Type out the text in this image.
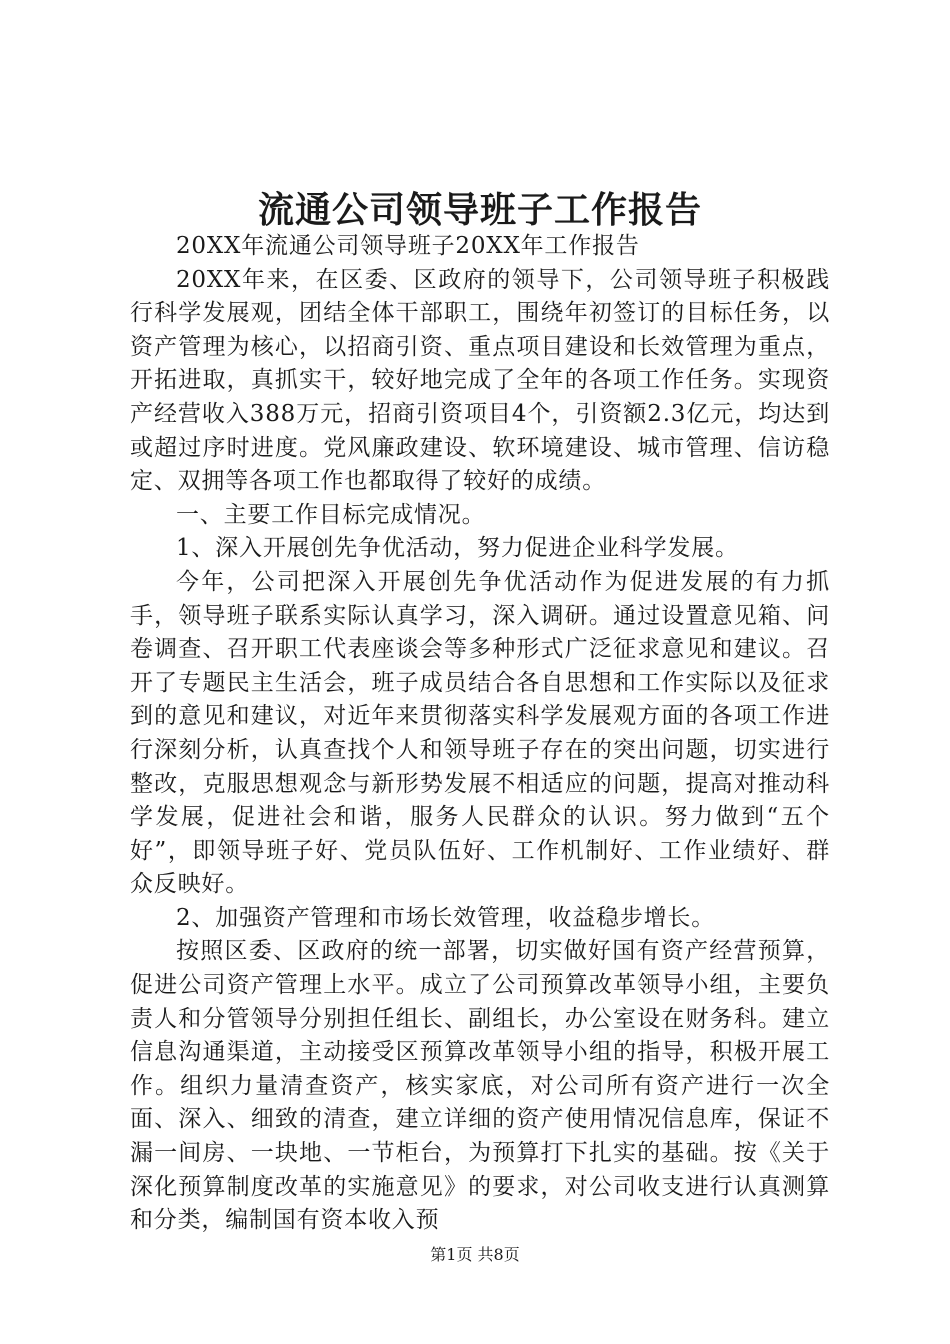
流通公司领导班子工作报告

20XX年流通公司领导班子20XX年工作报告

20XX年来，在区委、区政府的领导下，公司领导班子积极践行科学发展观，团结全体干部职工，围绕年初签订的目标任务，以资产管理为核心，以招商引资、重点项目建设和长效管理为重点，开拓进取，真抓实干，较好地完成了全年的各项工作任务。实现资产经营收入388万元，招商引资项目4个，引资额2.3亿元，均达到或超过序时进度。党风廉政建设、软环境建设、城市管理、信访稳定、双拥等各项工作也都取得了较好的成绩。

一、主要工作目标完成情况。

1、深入开展创先争优活动，努力促进企业科学发展。

今年，公司把深入开展创先争优活动作为促进发展的有力抓手，领导班子联系实际认真学习，深入调研。通过设置意见箱、问卷调查、召开职工代表座谈会等多种形式广泛征求意见和建议。召开了专题民主生活会，班子成员结合各自思想和工作实际以及征求到的意见和建议，对近年来贯彻落实科学发展观方面的各项工作进行深刻分析，认真查找个人和领导班子存在的突出问题，切实进行整改，克服思想观念与新形势发展不相适应的问题，提高对推动科学发展，促进社会和谐，服务人民群众的认识。努力做到“五个好”，即领导班子好、党员队伍好、工作机制好、工作业绩好、群众反映好。

2、加强资产管理和市场长效管理，收益稳步增长。

按照区委、区政府的统一部署，切实做好国有资产经营预算，促进公司资产管理上水平。成立了公司预算改革领导小组，主要负责人和分管领导分别担任组长、副组长，办公室设在财务科。建立信息沟通渠道，主动接受区预算改革领导小组的指导，积极开展工作。组织力量清查资产，核实家底，对公司所有资产进行一次全面、深入、细致的清查，建立详细的资产使用情况信息库，保证不漏一间房、一块地、一节柜台，为预算打下扎实的基础。按《关于深化预算制度改革的实施意见》的要求，对公司收支进行认真测算和分类，编制国有资本收入预

第1页 共8页
